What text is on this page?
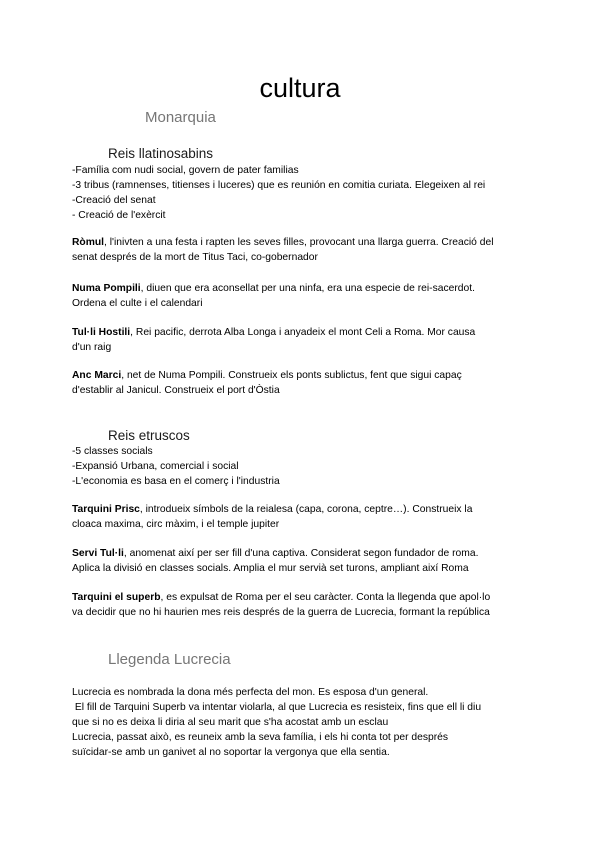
cultura
Monarquia
Reis llatinosabins
-Família com nudi social, govern de pater familias
-3 tribus (ramnenses, titienses i luceres) que es reunión en comitia curiata. Elegeixen al rei
-Creació del senat
- Creació de l'exèrcit
Ròmul, l'inivten a una festa i rapten les seves filles, provocant una llarga guerra. Creació del
senat després de la mort de Titus Taci, co-gobernador
Numa Pompili, diuen que era aconsellat per una ninfa, era una especie de rei-sacerdot.
Ordena el culte i el calendari
Tul·li Hostili, Rei pacific, derrota Alba Longa i anyadeix el mont Celi a Roma. Mor causa
d'un raig
Anc Marci, net de Numa Pompili. Construeix els ponts sublictus, fent que sigui capaç
d'establir al Janicul. Construeix el port d'Òstia
Reis etruscos
-5 classes socials
-Expansió Urbana, comercial i social
-L'economia es basa en el comerç i l'industria
Tarquini Prisc, introdueix símbols de la reialesa (capa, corona, ceptre…). Construeix la
cloaca maxima, circ màxim, i el temple jupiter
Servi Tul·li, anomenat així per ser fill d'una captiva. Considerat segon fundador de roma.
Aplica la divisió en classes socials. Amplia el mur servià set turons, ampliant així Roma
Tarquini el superb, es expulsat de Roma per el seu caràcter. Conta la llegenda que apol·lo
va decidir que no hi haurien mes reis després de la guerra de Lucrecia, formant la república
Llegenda Lucrecia
Lucrecia es nombrada la dona més perfecta del mon. Es esposa d'un general.
El fill de Tarquini Superb va intentar violarla, al que Lucrecia es resisteix, fins que ell li diu
que si no es deixa li diria al seu marit que s'ha acostat amb un esclau
Lucrecia, passat això, es reuneix amb la seva família, i els hi conta tot per després
suïcidar-se amb un ganivet al no soportar la vergonya que ella sentia.
